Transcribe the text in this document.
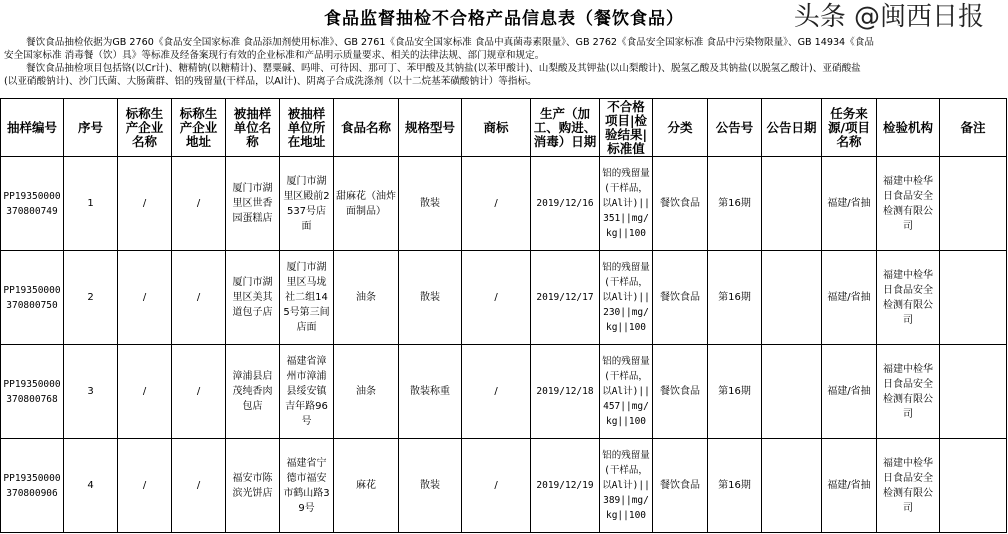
食品监督抽检不合格产品信息表（餐饮食品）

餐饮食品抽检依据为GB 2760《食品安全国家标准 食品添加剂使用标准》、GB 2761《食品安全国家标准 食品中真菌毒素限量》、GB 2762《食品安全国家标准 食品中污染物限量》、GB 14934《食品

安全国家标准 消毒餐（饮）具》等标准及经备案现行有效的企业标准和产品明示质量要求、相关的法律法规、部门规章和规定。

餐饮食品抽检项目包括铬(以Cr计)、糖精钠(以糖精计)、罂粟碱、吗啡、可待因、那可丁、苯甲酸及其钠盐(以苯甲酸计)、山梨酸及其钾盐(以山梨酸计)、脱氢乙酸及其钠盐(以脱氢乙酸计)、亚硝酸盐

(以亚硝酸钠计)、沙门氏菌、大肠菌群、铝的残留量(干样品，以Al计)、阴离子合成洗涤剂（以十二烷基苯磺酸钠计）等指标。

抽样编号	序号	标称生产企业名称	标称生产企业地址	被抽样单位名称	被抽样单位所在地址	食品名称	规格型号	商标	生产（加工、购进、消毒）日期	不合格项目|检验结果|标准值	分类	公告号	公告日期	任务来源/项目名称	检验机构	备注
PP19350000370800749	1	/	/	厦门市湖里区世香园蛋糕店	厦门市湖里区殿前2537号店面	甜麻花（油炸面制品）	散装	/	2019/12/16	铝的残留量(干样品，以Al计)||351||mg/kg||100	餐饮食品	第16期		福建/省抽	福建中检华日食品安全检测有限公司	
PP19350000370800750	2	/	/	厦门市湖里区美其道包子店	厦门市湖里区马垅社二组145号第三间店面	油条	散装	/	2019/12/17	铝的残留量(干样品，以Al计)||230||mg/kg||100	餐饮食品	第16期		福建/省抽	福建中检华日食品安全检测有限公司	
PP19350000370800768	3	/	/	漳浦县启茂纯香肉包店	福建省漳州市漳浦县绥安镇吉年路96号	油条	散装称重	/	2019/12/18	铝的残留量(干样品，以Al计)||457||mg/kg||100	餐饮食品	第16期		福建/省抽	福建中检华日食品安全检测有限公司	
PP19350000370800906	4	/	/	福安市陈滨光饼店	福建省宁德市福安市鹤山路39号	麻花	散装	/	2019/12/19	铝的残留量(干样品，以Al计)||389||mg/kg||100	餐饮食品	第16期		福建/省抽	福建中检华日食品安全检测有限公司	
头条 @闽西日报
